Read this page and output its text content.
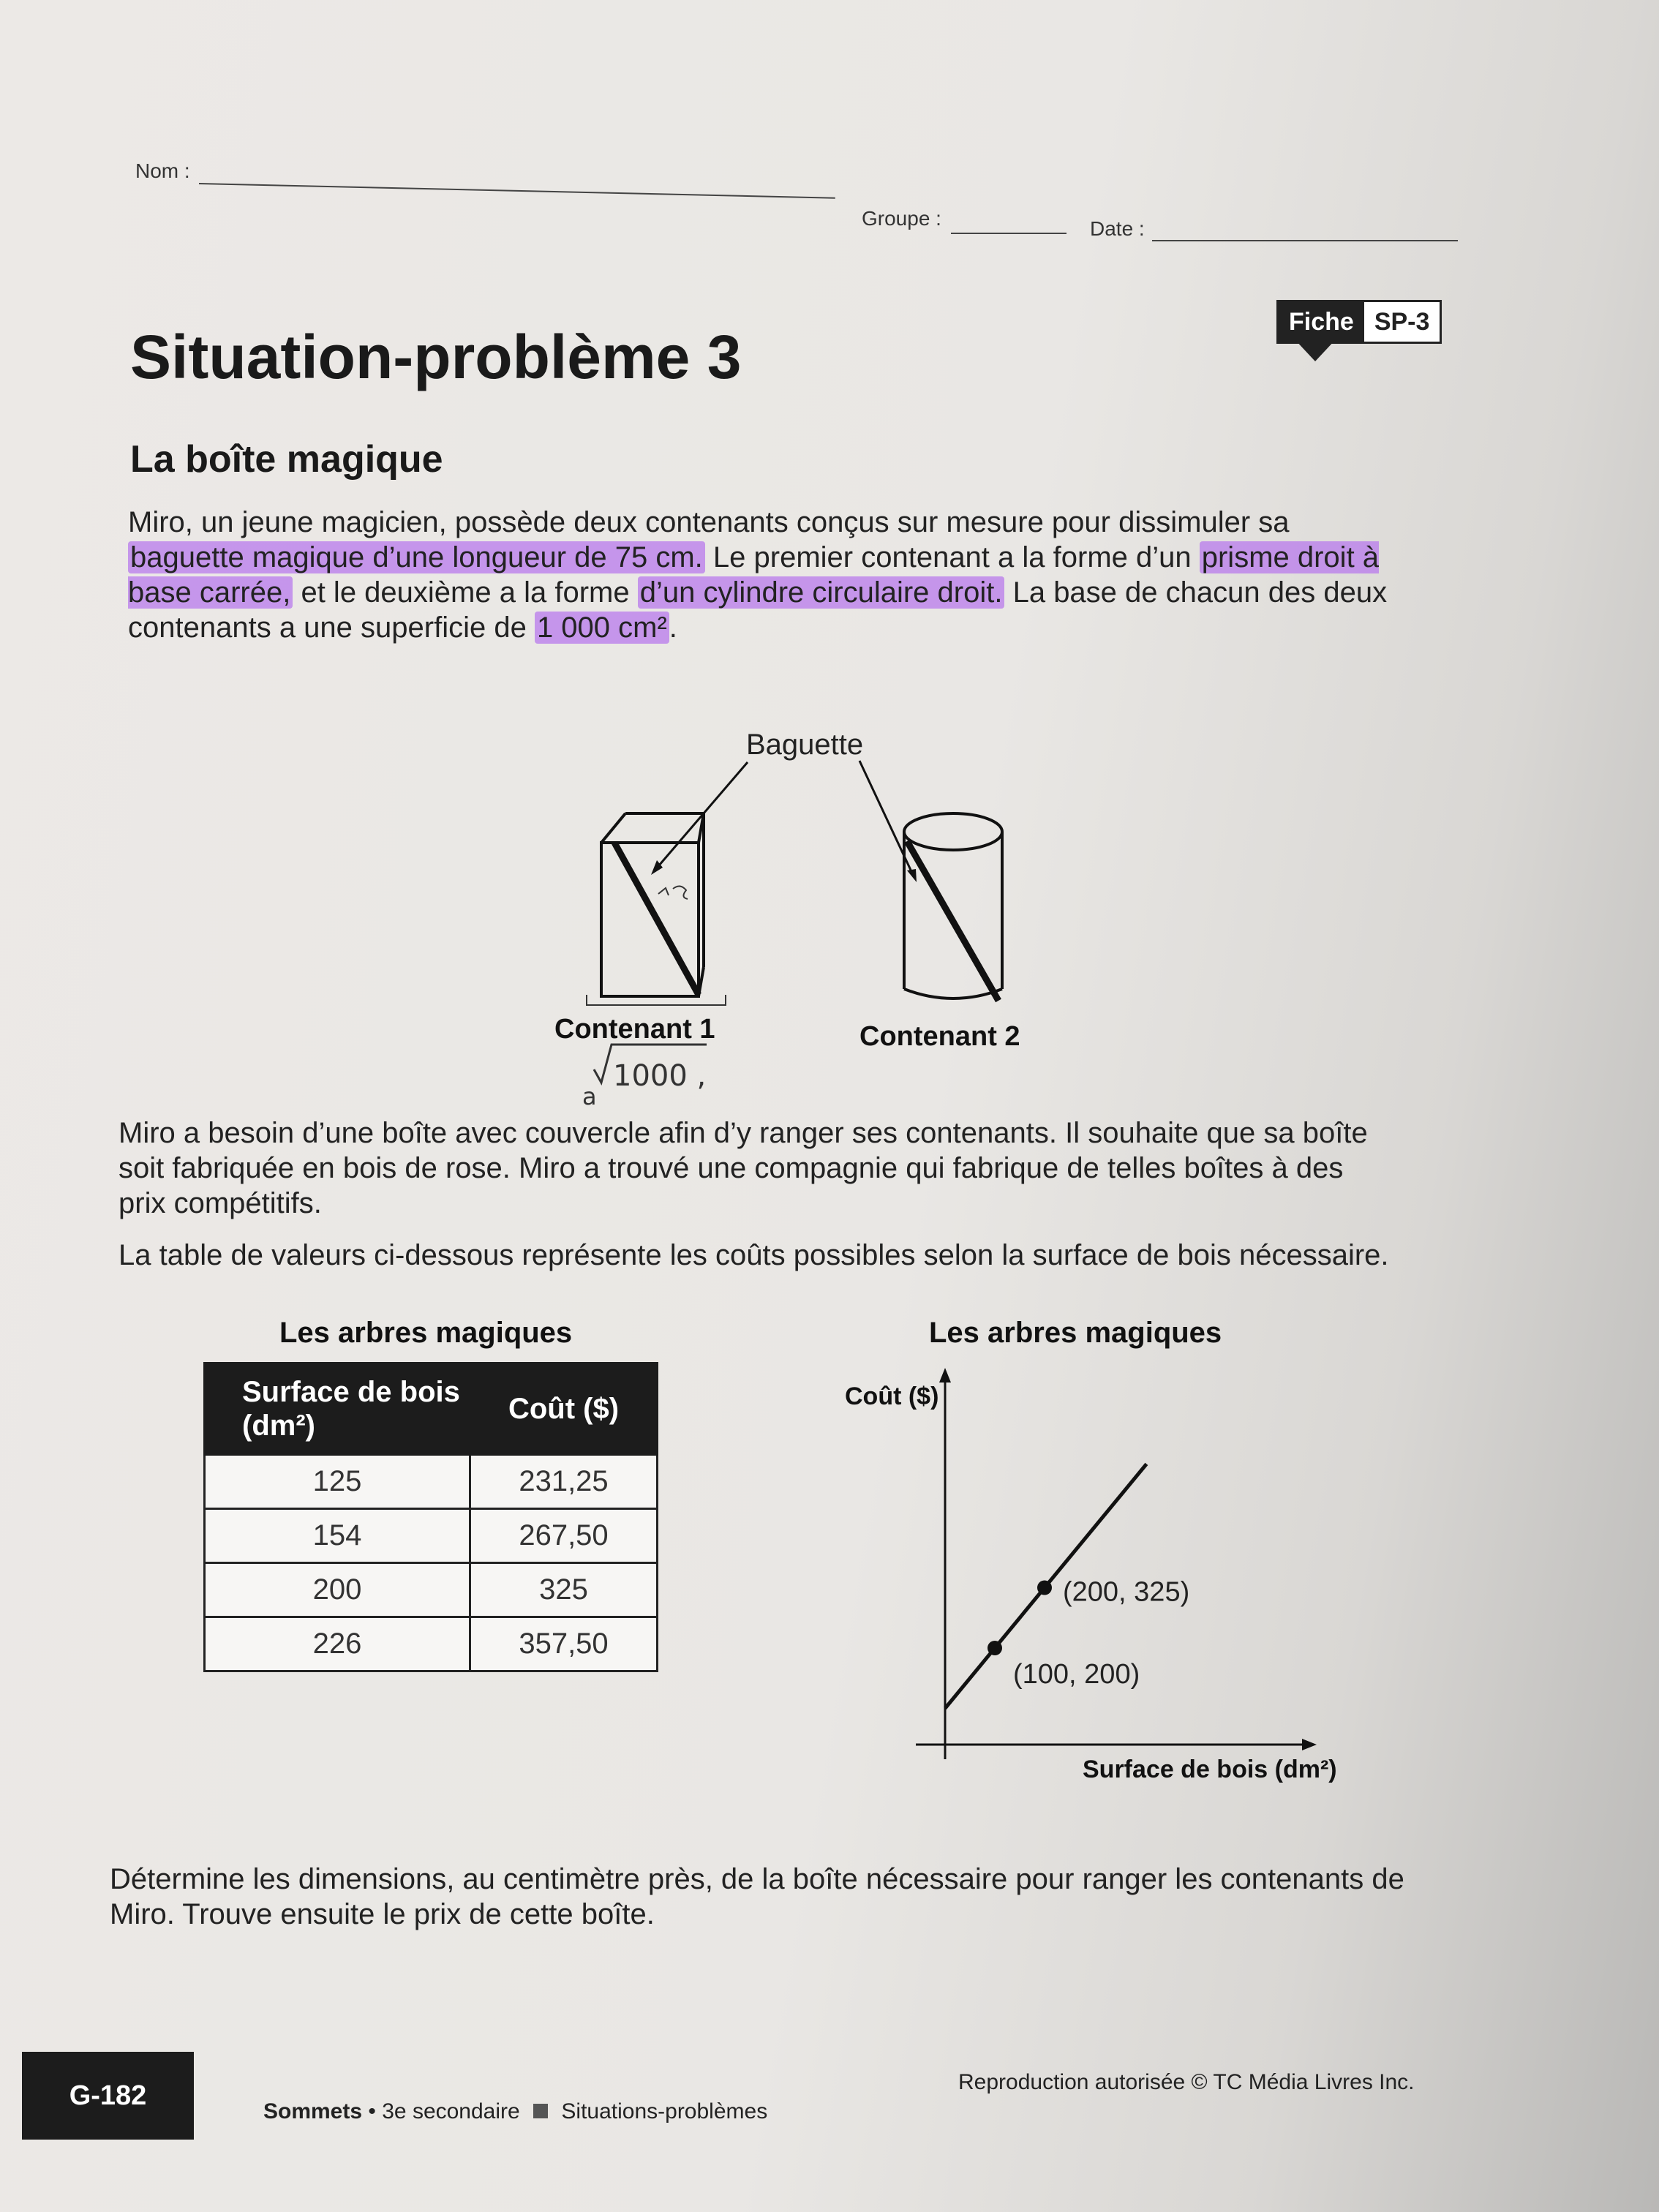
Nom :
Groupe :	Date :
Fiche SP-3
Situation-problème 3
La boîte magique
Miro, un jeune magicien, possède deux contenants conçus sur mesure pour dissimuler sa baguette magique d’une longueur de 75 cm. Le premier contenant a la forme d’un prisme droit à base carrée, et le deuxième a la forme d’un cylindre circulaire droit. La base de chacun des deux contenants a une superficie de 1 000 cm².
1000 ,
a
Baguette
Contenant 1	Contenant 2
Miro a besoin d’une boîte avec couvercle afin d’y ranger ses contenants. Il souhaite que sa boîte soit fabriquée en bois de rose. Miro a trouvé une compagnie qui fabrique de telles boîtes à des prix compétitifs.
La table de valeurs ci-dessous représente les coûts possibles selon la surface de bois nécessaire.
Les arbres magiques
Surface de bois (dm²)	Coût ($)
125	231,25
154	267,50
200	325
226	357,50
Les arbres magiques
(100, 200)
(200, 325)
Coût ($)
Surface de bois (dm²)
Détermine les dimensions, au centimètre près, de la boîte nécessaire pour ranger les contenants de Miro. Trouve ensuite le prix de cette boîte.
G-182
Sommets • 3e secondaire Situations-problèmes
Reproduction autorisée © TC Média Livres Inc.
